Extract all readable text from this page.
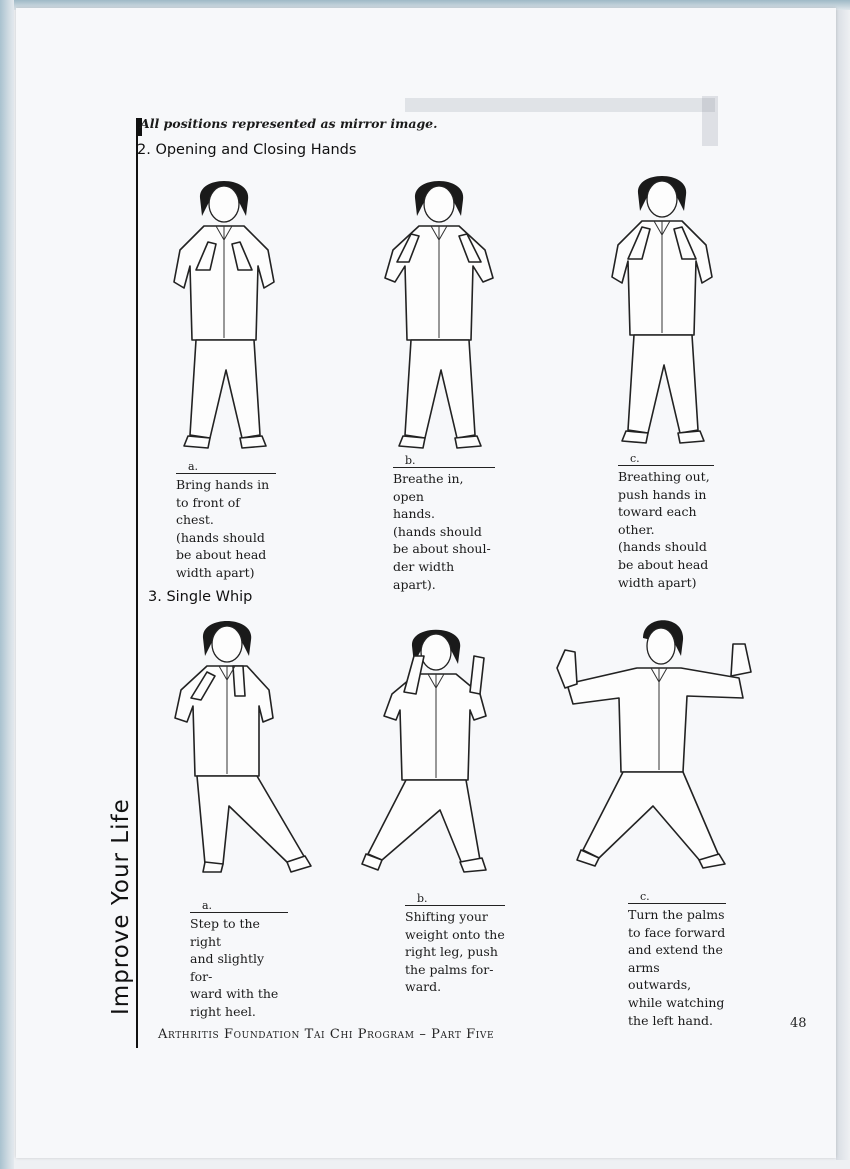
All positions represented as mirror image.
2. Opening and Closing Hands
3. Single Whip
a.
Bring hands in
to front of chest.
(hands should
be about head
width apart)
b.
Breathe in, open
hands.
(hands should
be about shoul-
der width apart).
c.
Breathing out,
push hands in
toward each
other.
(hands should
be about head
width apart)
a.
Step to the right
and slightly for-
ward with the
right heel.
b.
Shifting your
weight onto the
right leg, push
the palms for-
ward.
c.
Turn the palms
to face forward
and extend the
arms outwards,
while watching
the left hand.
Improve Your Life
Arthritis Foundation Tai Chi Program – Part Five
48
